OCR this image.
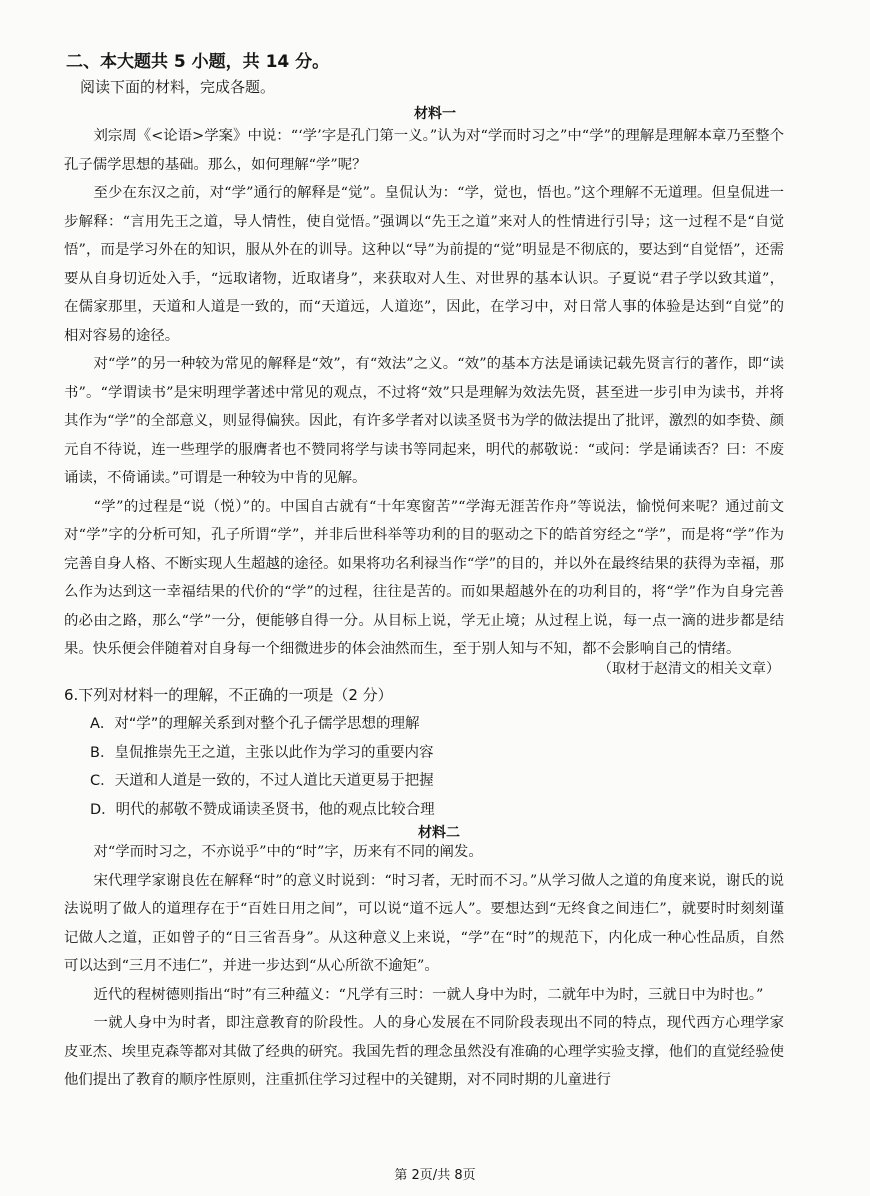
二、本大题共 5 小题，共 14 分。
阅读下面的材料，完成各题。
材料一

刘宗周《<论语>学案》中说：“‘学’字是孔门第一义。”认为对“学而时习之”中“学”的理解是理解本章乃至整个孔子儒学思想的基础。那么，如何理解“学”呢？

至少在东汉之前，对“学”通行的解释是“觉”。皇侃认为：“学，觉也，悟也。”这个理解不无道理。但皇侃进一步解释：“言用先王之道，导人情性，使自觉悟。”强调以“先王之道”来对人的性情进行引导；这一过程不是“自觉悟”，而是学习外在的知识，服从外在的训导。这种以“导”为前提的“觉”明显是不彻底的，要达到“自觉悟”，还需要从自身切近处入手，“远取诸物，近取诸身”，来获取对人生、对世界的基本认识。子夏说“君子学以致其道”，在儒家那里，天道和人道是一致的，而“天道远，人道迩”，因此，在学习中，对日常人事的体验是达到“自觉”的相对容易的途径。

对“学”的另一种较为常见的解释是“效”，有“效法”之义。“效”的基本方法是诵读记载先贤言行的著作，即“读书”。“学谓读书”是宋明理学著述中常见的观点，不过将“效”只是理解为效法先贤，甚至进一步引申为读书，并将其作为“学”的全部意义，则显得偏狭。因此，有许多学者对以读圣贤书为学的做法提出了批评，激烈的如李贽、颜元自不待说，连一些理学的服膺者也不赞同将学与读书等同起来，明代的郝敬说：“或问：学是诵读否？曰：不废诵读，不倚诵读。”可谓是一种较为中肯的见解。

“学”的过程是“说（悦）”的。中国自古就有“十年寒窗苦”“学海无涯苦作舟”等说法，愉悦何来呢？通过前文对“学”字的分析可知，孔子所谓“学”，并非后世科举等功利的目的驱动之下的皓首穷经之“学”，而是将“学”作为完善自身人格、不断实现人生超越的途径。如果将功名利禄当作“学”的目的，并以外在最终结果的获得为幸福，那么作为达到这一幸福结果的代价的“学”的过程，往往是苦的。而如果超越外在的功利目的，将“学”作为自身完善的必由之路，那么“学”一分，便能够自得一分。从目标上说，学无止境；从过程上说，每一点一滴的进步都是结果。快乐便会伴随着对自身每一个细微进步的体会油然而生，至于别人知与不知，都不会影响自己的情绪。

（取材于赵清文的相关文章）
6.下列对材料一的理解，不正确的一项是（2 分）
A．对“学”的理解关系到对整个孔子儒学思想的理解
B．皇侃推崇先王之道，主张以此作为学习的重要内容
C．天道和人道是一致的，不过人道比天道更易于把握
D．明代的郝敬不赞成诵读圣贤书，他的观点比较合理
材料二

对“学而时习之，不亦说乎”中的“时”字，历来有不同的阐发。

宋代理学家谢良佐在解释“时”的意义时说到：“时习者，无时而不习。”从学习做人之道的角度来说，谢氏的说法说明了做人的道理存在于“百姓日用之间”，可以说“道不远人”。要想达到“无终食之间违仁”，就要时时刻刻谨记做人之道，正如曾子的“日三省吾身”。从这种意义上来说，“学”在“时”的规范下，内化成一种心性品质，自然可以达到“三月不违仁”，并进一步达到“从心所欲不逾矩”。

近代的程树德则指出“时”有三种蕴义：“凡学有三时：一就人身中为时，二就年中为时，三就日中为时也。”

一就人身中为时者，即注意教育的阶段性。人的身心发展在不同阶段表现出不同的特点，现代西方心理学家皮亚杰、埃里克森等都对其做了经典的研究。我国先哲的理念虽然没有准确的心理学实验支撑，他们的直觉经验使他们提出了教育的顺序性原则，注重抓住学习过程中的关键期，对不同时期的儿童进行

第 2页/共 8页
